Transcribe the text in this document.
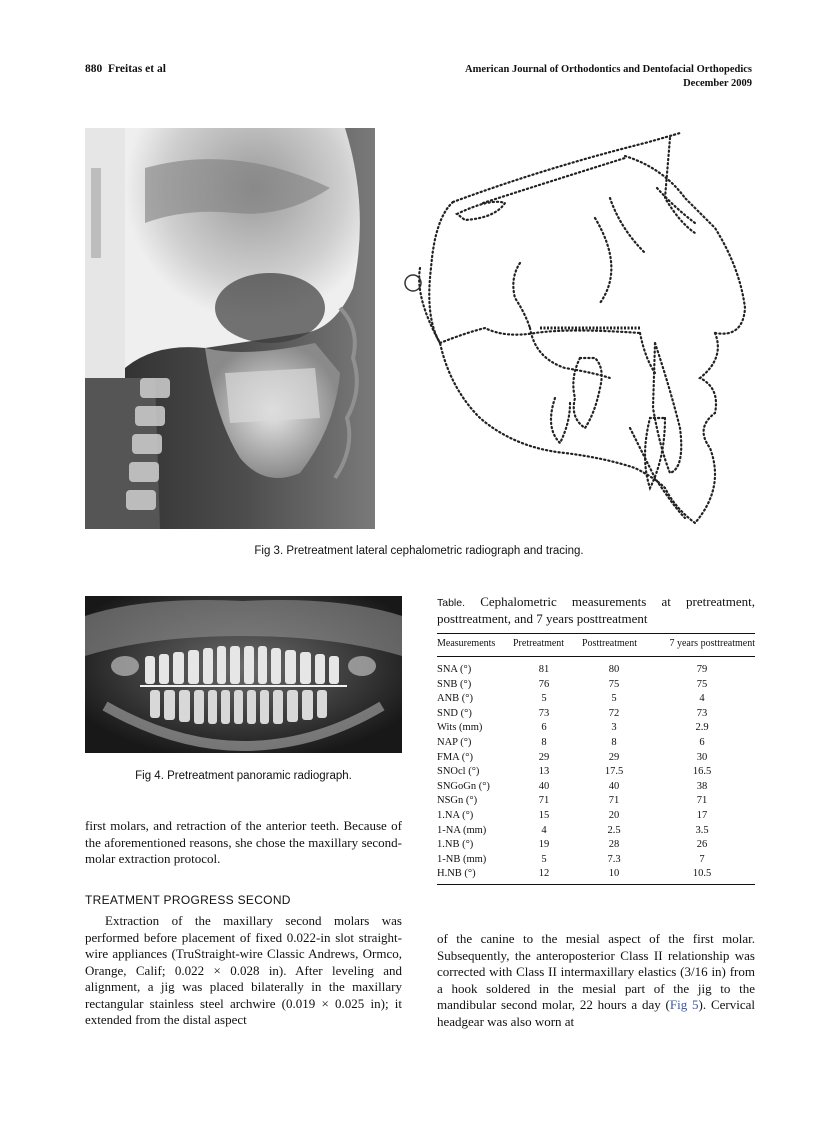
880  Freitas et al	American Journal of Orthodontics and Dentofacial Orthopedics
December 2009
Fig 3. Pretreatment lateral cephalometric radiograph and tracing.
Fig 4. Pretreatment panoramic radiograph.
Table. Cephalometric measurements at pretreatment, posttreatment, and 7 years posttreatment
Measurements Pretreatment Posttreatment	7 years posttreatment
SNA (°)	81	80	79
SNB (°)	76	75	75
ANB (°)	5	5	4
SND (°)	73	72	73
Wits (mm)	6	3	2.9
NAP (°)	8	8	6
FMA (°)	29	29	30
SNOcl (°)	13	17.5	16.5
SNGoGn (°)	40	40	38
NSGn (°)	71	71	71
1.NA (°)	15	20	17
1-NA (mm)	4	2.5	3.5
1.NB (°)	19	28	26
1-NB (mm)	5	7.3	7
H.NB (°)	12	10	10.5
first molars, and retraction of the anterior teeth. Because of the aforementioned reasons, she chose the maxillary second-molar extraction protocol.
TREATMENT PROGRESS SECOND
Extraction of the maxillary second molars was performed before placement of fixed 0.022-in slot straight-wire appliances (TruStraight-wire Classic Andrews, Ormco, Orange, Calif; 0.022 × 0.028 in). After leveling and alignment, a jig was placed bilaterally in the maxillary rectangular stainless steel archwire (0.019 × 0.025 in); it extended from the distal aspect
of the canine to the mesial aspect of the first molar. Subsequently, the anteroposterior Class II relationship was corrected with Class II intermaxillary elastics (3/16 in) from a hook soldered in the mesial part of the jig to the mandibular second molar, 22 hours a day (Fig 5). Cervical headgear was also worn at
